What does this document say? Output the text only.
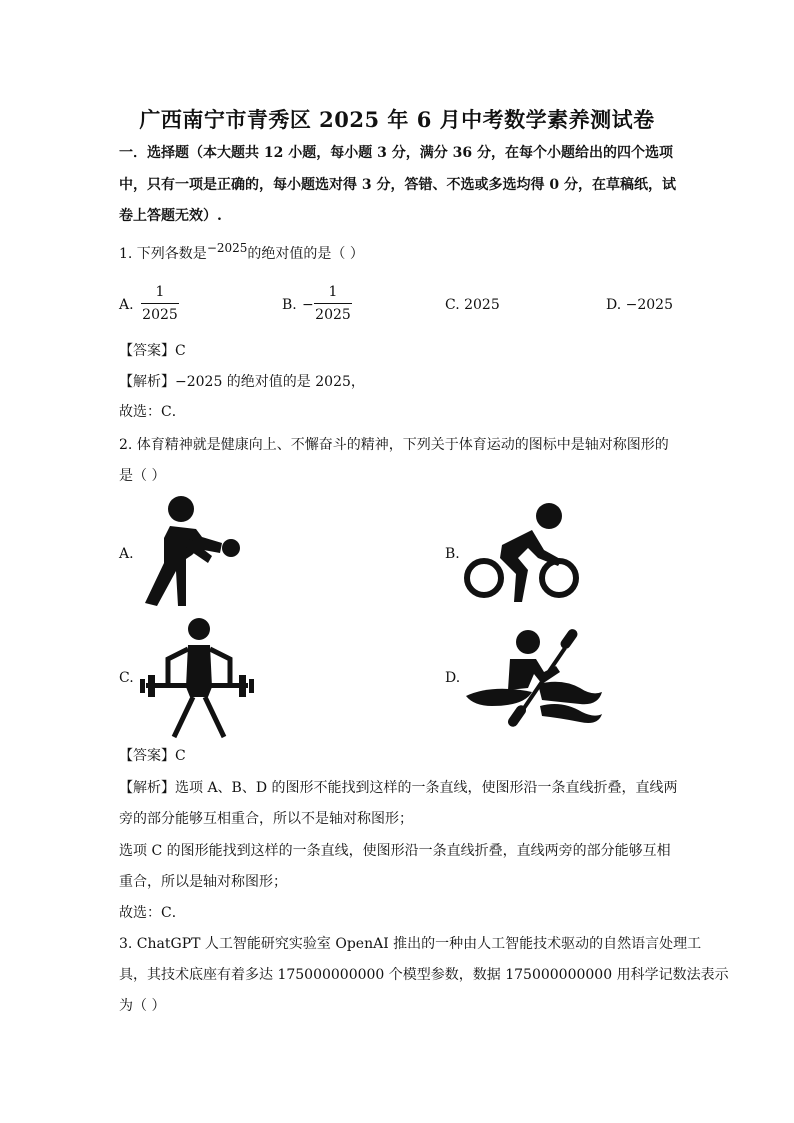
广西南宁市青秀区 2025 年 6 月中考数学素养测试卷
一．选择题（本大题共 12 小题，每小题 3 分，满分 36 分，在每个小题给出的四个选项
中，只有一项是正确的，每小题选对得 3 分，答错、不选或多选均得 0 分，在草稿纸，试
卷上答题无效）.
1. 下列各数是−2025的绝对值的是（ ）
A.
1
2025
B. −
1
2025
C. 2025	D. −2025
【答案】C
【解析】−2025 的绝对值的是 2025，
故选：C．
2. 体育精神就是健康向上、不懈奋斗的精神，下列关于体育运动的图标中是轴对称图形的
是（ ）
A.	B.
C.	D.
【答案】C
【解析】选项 A、B、D 的图形不能找到这样的一条直线，使图形沿一条直线折叠，直线两
旁的部分能够互相重合，所以不是轴对称图形；
选项 C 的图形能找到这样的一条直线，使图形沿一条直线折叠，直线两旁的部分能够互相
重合，所以是轴对称图形；
故选：C．
3. ChatGPT 人工智能研究实验室 OpenAI 推出的一种由人工智能技术驱动的自然语言处理工
具，其技术底座有着多达 175000000000 个模型参数，数据 175000000000 用科学记数法表示
为（ ）
